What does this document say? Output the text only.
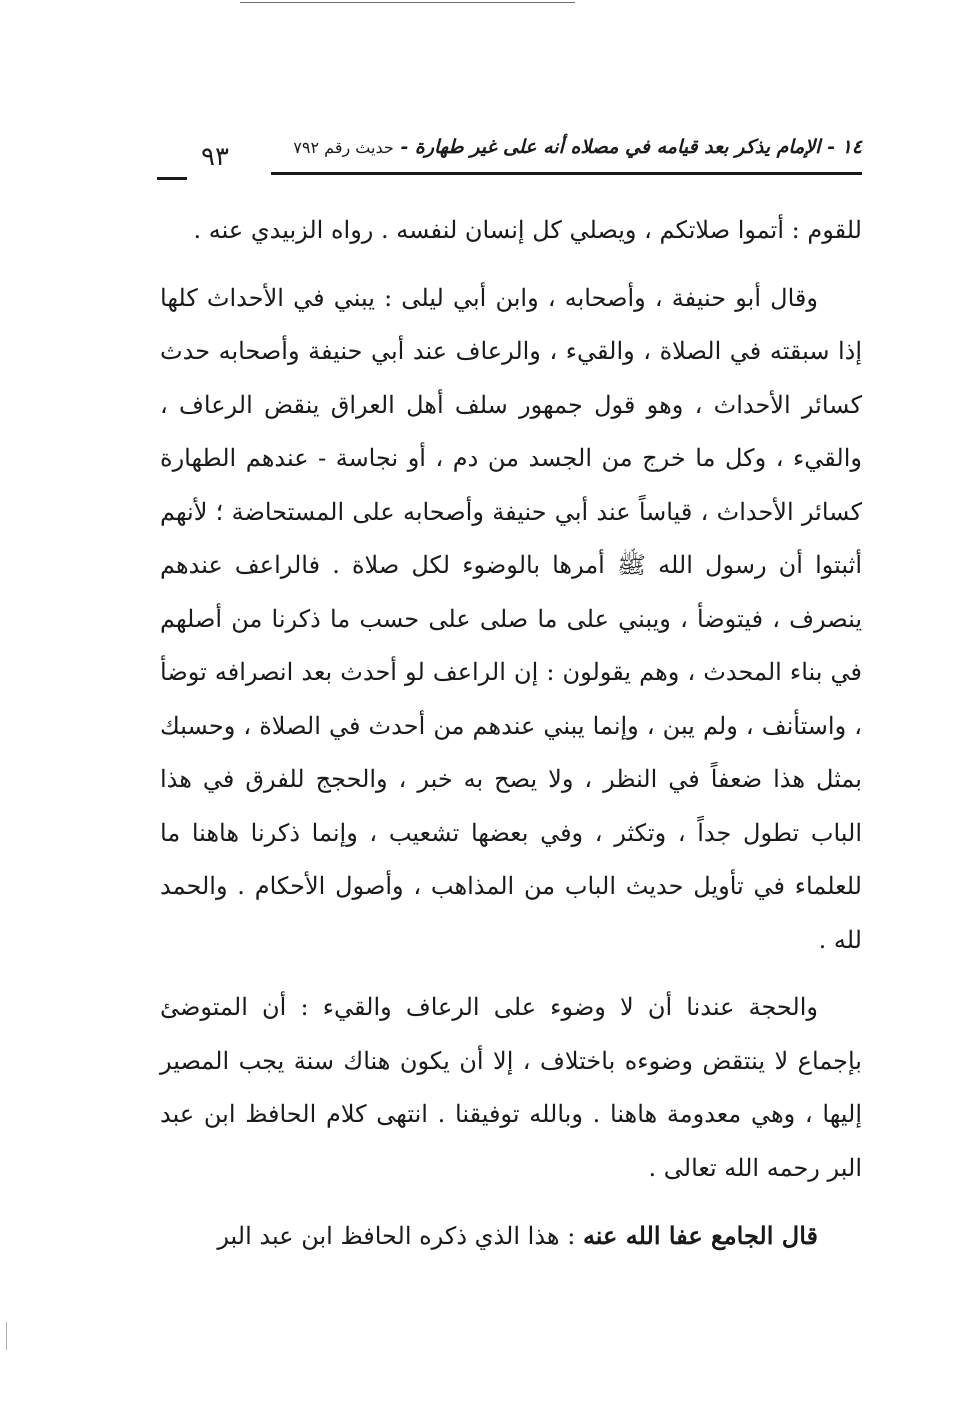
١٤ - الإمام يذكر بعد قيامه في مصلاه أنه على غير طهارة - حديث رقم ٧٩٢
٩٣

للقوم : أتموا صلاتكم ، ويصلي كل إنسان لنفسه . رواه الزبيدي عنه .

وقال أبو حنيفة ، وأصحابه ، وابن أبي ليلى : يبني في الأحداث كلها إذا سبقته في الصلاة ، والقيء ، والرعاف عند أبي حنيفة وأصحابه حدث كسائر الأحداث ، وهو قول جمهور سلف أهل العراق ينقض الرعاف ، والقيء ، وكل ما خرج من الجسد من دم ، أو نجاسة - عندهم الطهارة كسائر الأحداث ، قياساً عند أبي حنيفة وأصحابه على المستحاضة ؛ لأنهم أثبتوا أن رسول الله ﷺ أمرها بالوضوء لكل صلاة . فالراعف عندهم ينصرف ، فيتوضأ ، ويبني على ما صلى على حسب ما ذكرنا من أصلهم في بناء المحدث ، وهم يقولون : إن الراعف لو أحدث بعد انصرافه توضأ ، واستأنف ، ولم يبن ، وإنما يبني عندهم من أحدث في الصلاة ، وحسبك بمثل هذا ضعفاً في النظر ، ولا يصح به خبر ، والحجج للفرق في هذا الباب تطول جداً ، وتكثر ، وفي بعضها تشعيب ، وإنما ذكرنا هاهنا ما للعلماء في تأويل حديث الباب من المذاهب ، وأصول الأحكام . والحمد لله .

والحجة عندنا أن لا وضوء على الرعاف والقيء : أن المتوضئ بإجماع لا ينتقض وضوءه باختلاف ، إلا أن يكون هناك سنة يجب المصير إليها ، وهي معدومة هاهنا . وبالله توفيقنا . انتهى كلام الحافظ ابن عبد البر رحمه الله تعالى .

قال الجامع عفا الله عنه : هذا الذي ذكره الحافظ ابن عبد البر
